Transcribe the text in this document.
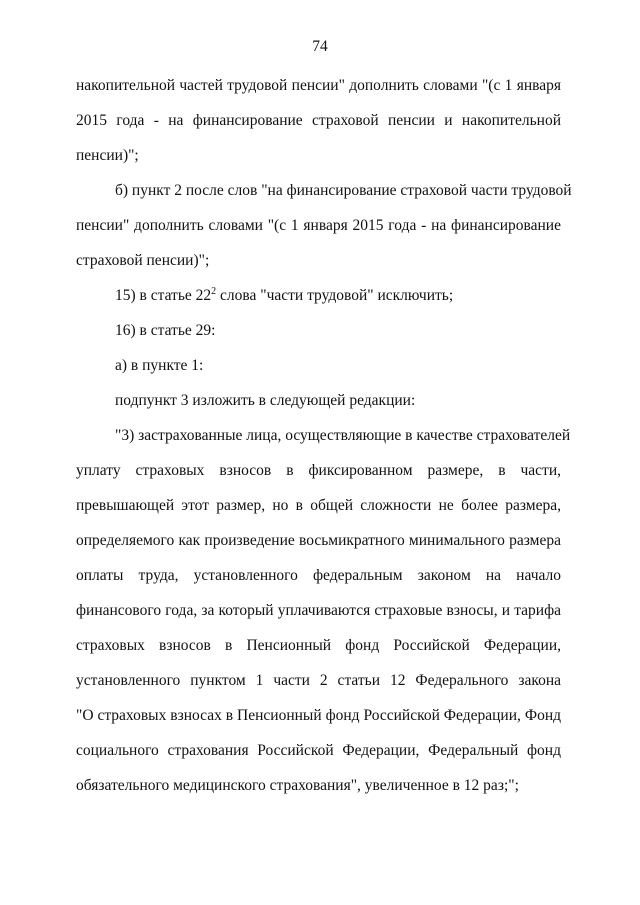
74
накопительной частей трудовой пенсии" дополнить словами "(с 1 января
2015 года - на финансирование страховой пенсии и накопительной
пенсии)";
б) пункт 2 после слов "на финансирование страховой части трудовой
пенсии" дополнить словами "(с 1 января 2015 года - на финансирование
страховой пенсии)";
15) в статье $22^2$ слова "части трудовой" исключить;
16) в статье 29:
а) в пункте 1:
подпункт 3 изложить в следующей редакции:
"3) застрахованные лица, осуществляющие в качестве страхователей
уплату страховых взносов в фиксированном размере, в части,
превышающей этот размер, но в общей сложности не более размера,
определяемого как произведение восьмикратного минимального размера
оплаты труда, установленного федеральным законом на начало
финансового года, за который уплачиваются страховые взносы, и тарифа
страховых взносов в Пенсионный фонд Российской Федерации,
установленного пунктом 1 части 2 статьи 12 Федерального закона
"О страховых взносах в Пенсионный фонд Российской Федерации, Фонд
социального страхования Российской Федерации, Федеральный фонд
обязательного медицинского страхования", увеличенное в 12 раз;";
